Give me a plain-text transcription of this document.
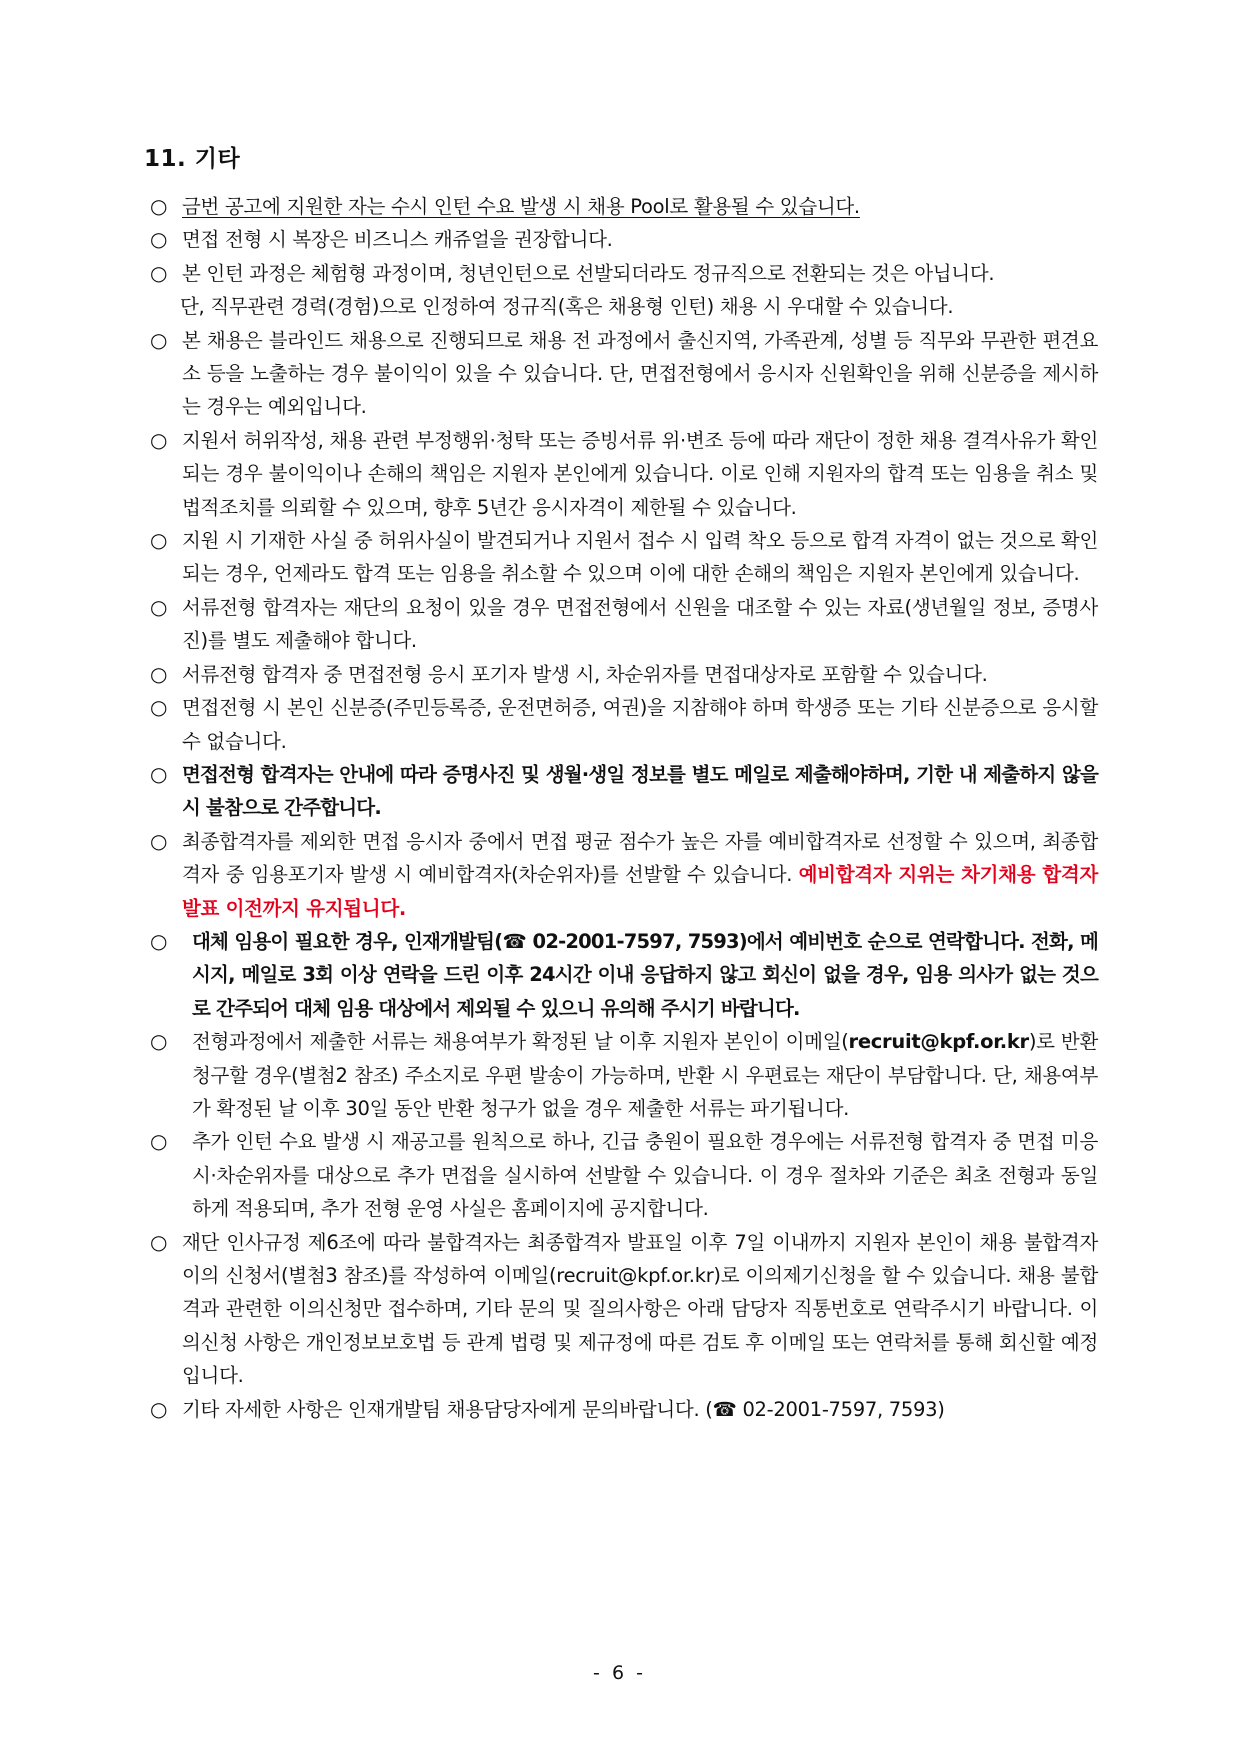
11. 기타
○ 금번 공고에 지원한 자는 수시 인턴 수요 발생 시 채용 Pool로 활용될 수 있습니다.
○ 면접 전형 시 복장은 비즈니스 캐쥬얼을 권장합니다.
○ 본 인턴 과정은 체험형 과정이며, 청년인턴으로 선발되더라도 정규직으로 전환되는 것은 아닙니다.
단, 직무관련 경력(경험)으로 인정하여 정규직(혹은 채용형 인턴) 채용 시 우대할 수 있습니다.
○ 본 채용은 블라인드 채용으로 진행되므로 채용 전 과정에서 출신지역, 가족관계, 성별 등 직무와 무관한 편견요소 등을 노출하는 경우 불이익이 있을 수 있습니다. 단, 면접전형에서 응시자 신원확인을 위해 신분증을 제시하는 경우는 예외입니다.
○ 지원서 허위작성, 채용 관련 부정행위·청탁 또는 증빙서류 위·변조 등에 따라 재단이 정한 채용 결격사유가 확인되는 경우 불이익이나 손해의 책임은 지원자 본인에게 있습니다. 이로 인해 지원자의 합격 또는 임용을 취소 및 법적조치를 의뢰할 수 있으며, 향후 5년간 응시자격이 제한될 수 있습니다.
○ 지원 시 기재한 사실 중 허위사실이 발견되거나 지원서 접수 시 입력 착오 등으로 합격 자격이 없는 것으로 확인되는 경우, 언제라도 합격 또는 임용을 취소할 수 있으며 이에 대한 손해의 책임은 지원자 본인에게 있습니다.
○ 서류전형 합격자는 재단의 요청이 있을 경우 면접전형에서 신원을 대조할 수 있는 자료(생년월일 정보, 증명사진)를 별도 제출해야 합니다.
○ 서류전형 합격자 중 면접전형 응시 포기자 발생 시, 차순위자를 면접대상자로 포함할 수 있습니다.
○ 면접전형 시 본인 신분증(주민등록증, 운전면허증, 여권)을 지참해야 하며 학생증 또는 기타 신분증으로 응시할 수 없습니다.
○ 면접전형 합격자는 안내에 따라 증명사진 및 생월·생일 정보를 별도 메일로 제출해야하며, 기한 내 제출하지 않을 시 불참으로 간주합니다.
○ 최종합격자를 제외한 면접 응시자 중에서 면접 평균 점수가 높은 자를 예비합격자로 선정할 수 있으며, 최종합격자 중 임용포기자 발생 시 예비합격자(차순위자)를 선발할 수 있습니다. 예비합격자 지위는 차기채용 합격자 발표 이전까지 유지됩니다.
○ 대체 임용이 필요한 경우, 인재개발팀(☎ 02-2001-7597, 7593)에서 예비번호 순으로 연락합니다. 전화, 메시지, 메일로 3회 이상 연락을 드린 이후 24시간 이내 응답하지 않고 회신이 없을 경우, 임용 의사가 없는 것으로 간주되어 대체 임용 대상에서 제외될 수 있으니 유의해 주시기 바랍니다.
○ 전형과정에서 제출한 서류는 채용여부가 확정된 날 이후 지원자 본인이 이메일(recruit@kpf.or.kr)로 반환 청구할 경우(별첨2 참조) 주소지로 우편 발송이 가능하며, 반환 시 우편료는 재단이 부담합니다. 단, 채용여부가 확정된 날 이후 30일 동안 반환 청구가 없을 경우 제출한 서류는 파기됩니다.
○ 추가 인턴 수요 발생 시 재공고를 원칙으로 하나, 긴급 충원이 필요한 경우에는 서류전형 합격자 중 면접 미응시·차순위자를 대상으로 추가 면접을 실시하여 선발할 수 있습니다. 이 경우 절차와 기준은 최초 전형과 동일하게 적용되며, 추가 전형 운영 사실은 홈페이지에 공지합니다.
○ 재단 인사규정 제6조에 따라 불합격자는 최종합격자 발표일 이후 7일 이내까지 지원자 본인이 채용 불합격자 이의 신청서(별첨3 참조)를 작성하여 이메일(recruit@kpf.or.kr)로 이의제기신청을 할 수 있습니다. 채용 불합격과 관련한 이의신청만 접수하며, 기타 문의 및 질의사항은 아래 담당자 직통번호로 연락주시기 바랍니다. 이의신청 사항은 개인정보보호법 등 관계 법령 및 제규정에 따른 검토 후 이메일 또는 연락처를 통해 회신할 예정입니다.
○ 기타 자세한 사항은 인재개발팀 채용담당자에게 문의바랍니다. (☎ 02-2001-7597, 7593)
- 6 -
